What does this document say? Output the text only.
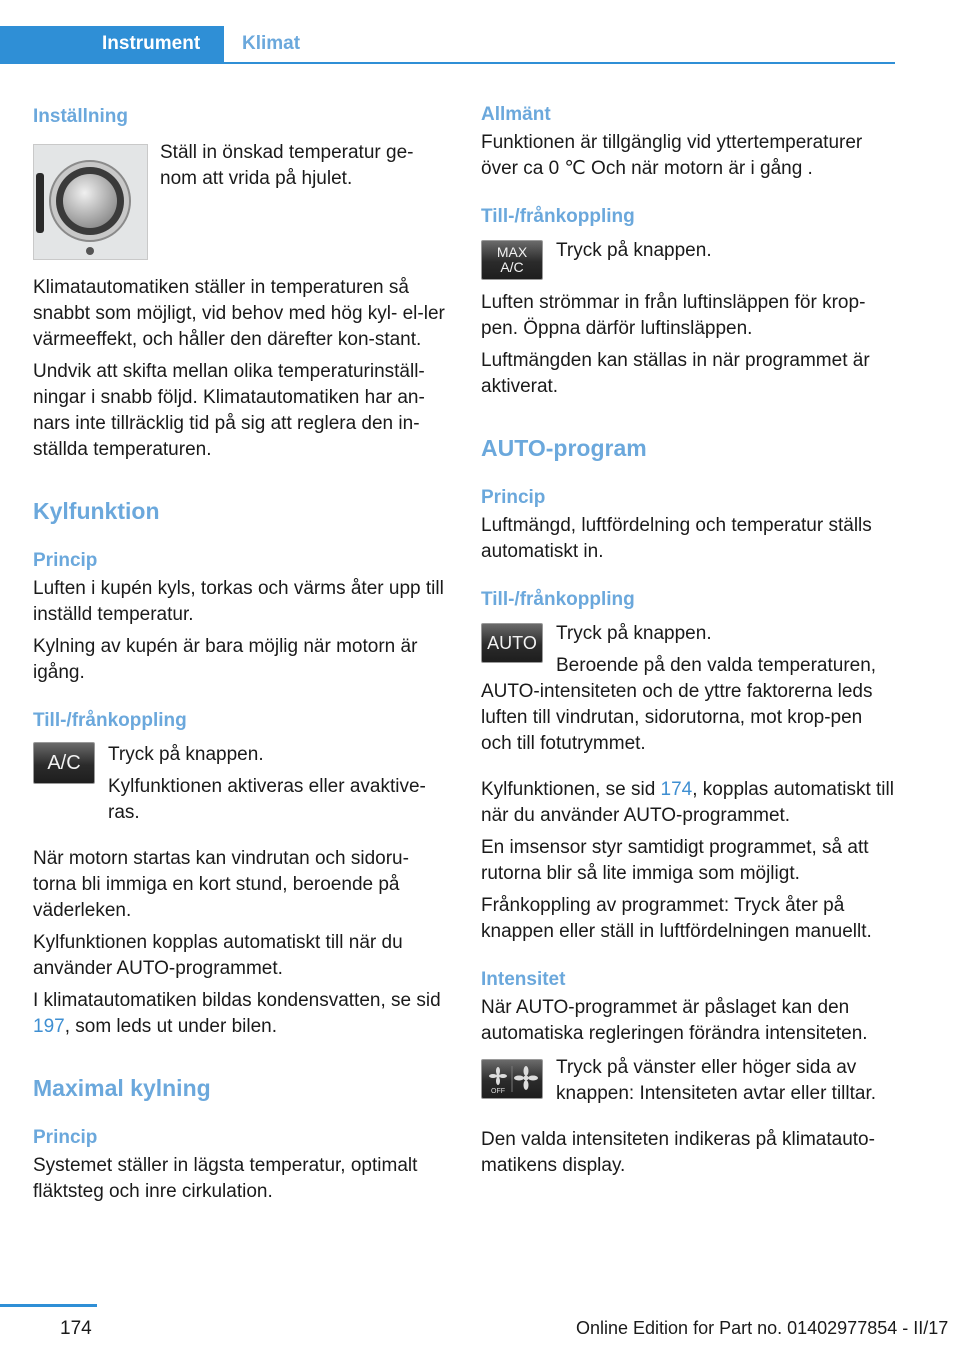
Instrument Klimat
Inställning

Ställ in önskad temperatur ge‐nom att vrida på hjulet.

Klimatautomatiken ställer in temperaturen så snabbt som möjligt, vid behov med hög kyl- el‐ler värmeeffekt, och håller den därefter kon‐stant.

Undvik att skifta mellan olika temperaturinställ‐ningar i snabb följd. Klimatautomatiken har an‐nars inte tillräcklig tid på sig att reglera den in‐ställda temperaturen.

Kylfunktion
Princip

Luften i kupén kyls, torkas och värms åter upp till inställd temperatur.

Kylning av kupén är bara möjlig när motorn är igång.

Till-/frånkoppling
A/C	Tryck på knappen.

Kylfunktionen aktiveras eller avaktive‐ras.

När motorn startas kan vindrutan och sidoru‐torna bli immiga en kort stund, beroende på väderleken.

Kylfunktionen kopplas automatiskt till när du använder AUTO-programmet.

I klimatautomatiken bildas kondensvatten, se sid 197, som leds ut under bilen.

Maximal kylning
Princip

Systemet ställer in lägsta temperatur, optimalt fläktsteg och inre cirkulation.

Allmänt

Funktionen är tillgänglig vid yttertemperaturer över ca 0 ℃ Och när motorn är i gång .

Till-/frånkoppling
MAX
A/C

Tryck på knappen.

Luften strömmar in från luftinsläppen för krop‐pen. Öppna därför luftinsläppen.

Luftmängden kan ställas in när programmet är aktiverat.

AUTO-program
Princip

Luftmängd, luftfördelning och temperatur ställs automatiskt in.

Till-/frånkoppling
AUTO	Tryck på knappen.

Beroende på den valda temperaturen, AUTO-intensiteten och de yttre faktorerna leds luften till vindrutan, sidorutorna, mot krop‐pen och till fotutrymmet.

Kylfunktionen, se sid 174, kopplas automatiskt till när du använder AUTO-programmet.

En imsensor styr samtidigt programmet, så att rutorna blir så lite immiga som möjligt.

Frånkoppling av programmet: Tryck åter på knappen eller ställ in luftfördelningen manuellt.

Intensitet

När AUTO-programmet är påslaget kan den automatiska regleringen förändra intensiteten.

OFF

Tryck på vänster eller höger sida av knappen: Intensiteten avtar eller tilltar.

Den valda intensiteten indikeras på klimatauto‐matikens display.

174	Online Edition for Part no. 01402977854 - II/17
